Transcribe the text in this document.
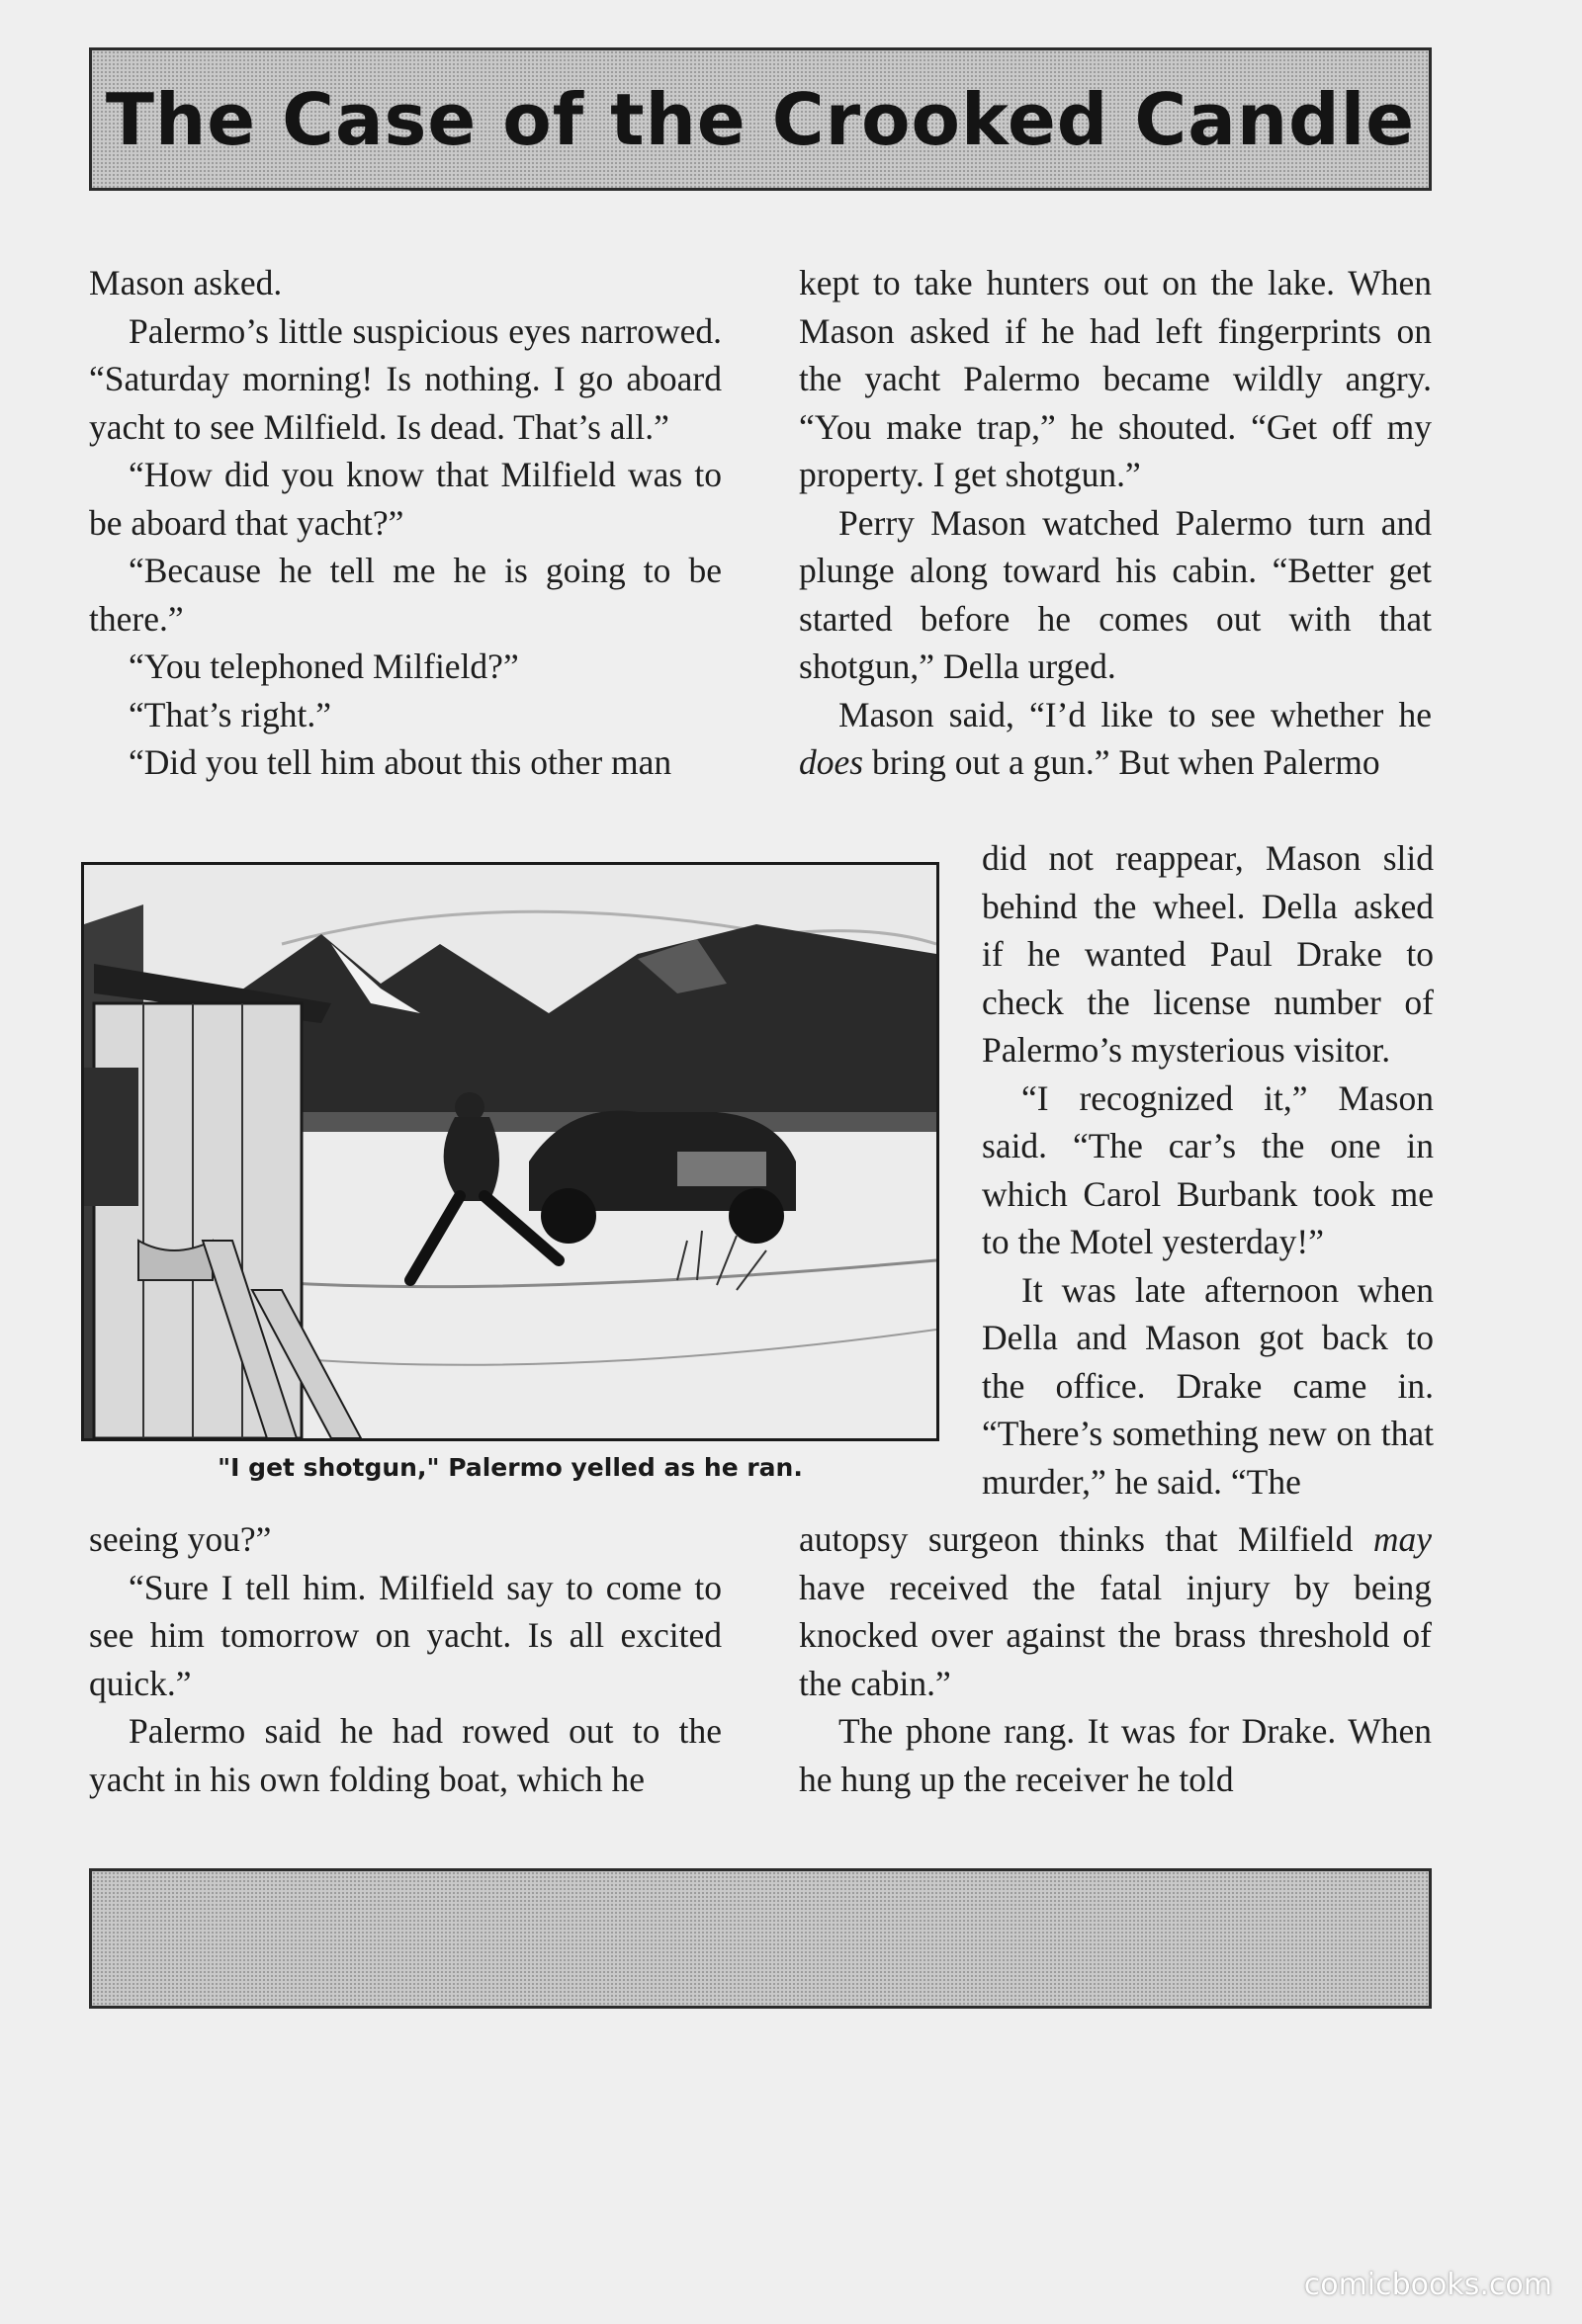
The Case of the Crooked Candle

Mason asked.

Palermo’s little suspicious eyes narrowed. “Saturday morning! Is nothing. I go aboard yacht to see Milfield. Is dead. That’s all.”

“How did you know that Milfield was to be aboard that yacht?”

“Because he tell me he is going to be there.”

“You telephoned Milfield?”

“That’s right.”

“Did you tell him about this other man

"I get shotgun," Palermo yelled as he ran.

seeing you?”

“Sure I tell him. Milfield say to come to see him tomorrow on yacht. Is all excited quick.”

Palermo said he had rowed out to the yacht in his own folding boat, which he

kept to take hunters out on the lake. When Mason asked if he had left fingerprints on the yacht Palermo became wildly angry. “You make trap,” he shouted. “Get off my property. I get shotgun.”

Perry Mason watched Palermo turn and plunge along toward his cabin. “Better get started before he comes out with that shotgun,” Della urged.

Mason said, “I’d like to see whether he does bring out a gun.” But when Palermo

did not reappear, Mason slid behind the wheel. Della asked if he wanted Paul Drake to check the license number of Palermo’s mysterious visitor.

“I recognized it,” Mason said. “The car’s the one in which Carol Burbank took me to the Motel yesterday!”

It was late afternoon when Della and Mason got back to the office. Drake came in. “There’s something new on that murder,” he said. “The

autopsy surgeon thinks that Milfield may have received the fatal injury by being knocked over against the brass threshold of the cabin.”

The phone rang. It was for Drake. When he hung up the receiver he told

comicbooks.com
